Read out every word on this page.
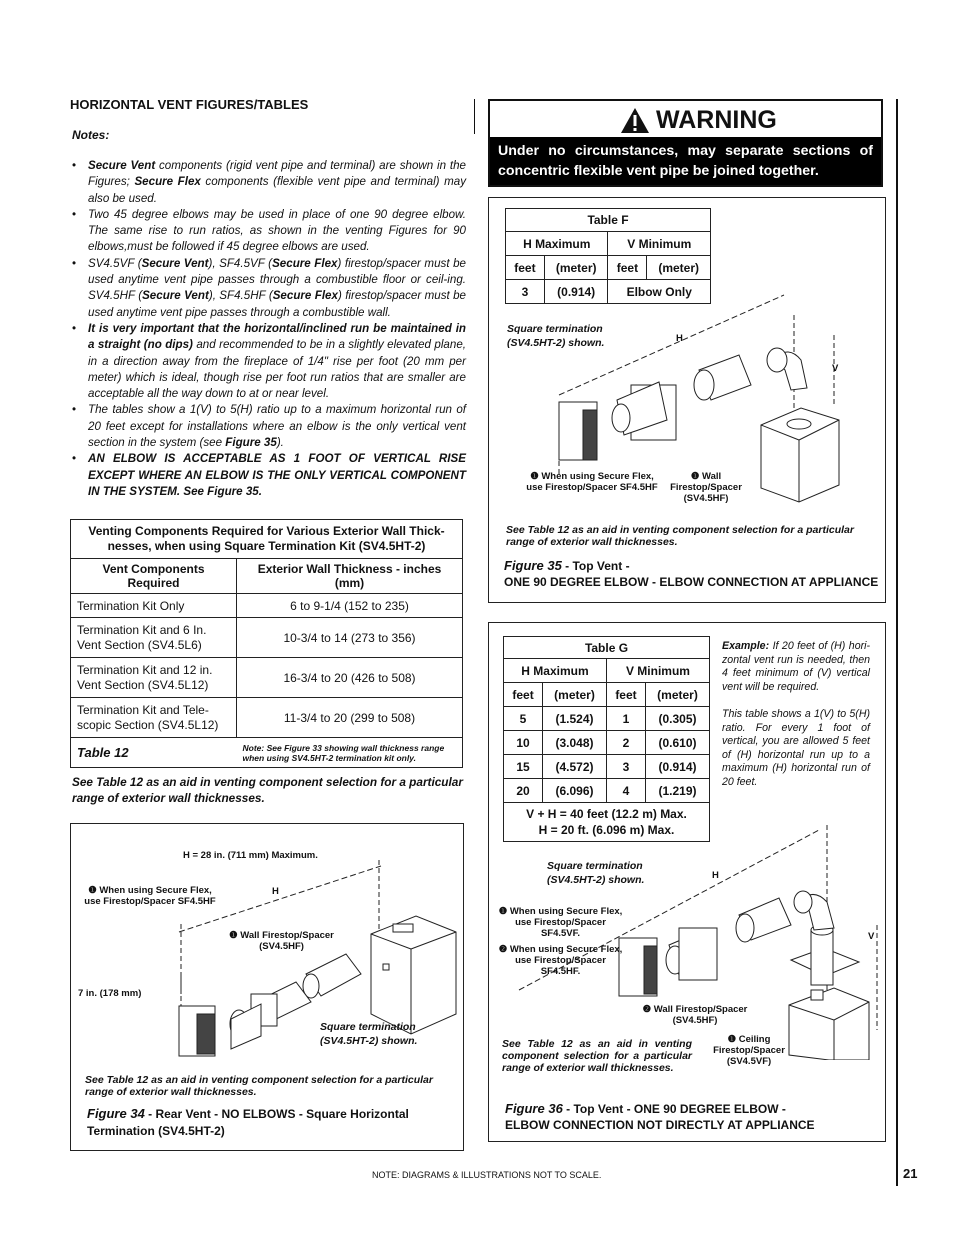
HORIZONTAL VENT FIGURES/TABLES
Notes:
• Secure Vent components (rigid vent pipe and terminal) are shown in the Figures; Secure Flex components (flexible vent pipe and terminal) may also be used.
• Two 45 degree elbows may be used in place of one 90 degree elbow. The same rise to run ratios, as shown in the venting Figures for 90 elbows,must be followed if 45 degree elbows are used.
• SV4.5VF (Secure Vent), SF4.5VF (Secure Flex) firestop/spacer must be used anytime vent pipe passes through a combustible floor or ceil-ing. SV4.5HF (Secure Vent), SF4.5HF (Secure Flex) firestop/spacer must be used anytime vent pipe passes through a combustible wall.
• It is very important that the horizontal/inclined run be maintained in a straight (no dips) and recommended to be in a slightly elevated plane, in a direction away from the fireplace of 1/4" rise per foot (20 mm per meter) which is ideal, though rise per foot run ratios that are smaller are acceptable all the way down to at or near level.
• The tables show a 1(V) to 5(H) ratio up to a maximum horizontal run of 20 feet except for installations where an elbow is the only vertical vent section in the system (see Figure 35).
• AN ELBOW IS ACCEPTABLE AS 1 FOOT OF VERTICAL RISE EXCEPT WHERE AN ELBOW IS THE ONLY VERTICAL COMPONENT IN THE SYSTEM. See Figure 35.
Venting Components Required for Various Exterior Wall Thick-nesses, when using Square Termination Kit (SV4.5HT-2)	
Vent Components Required	Exterior Wall Thickness - inches (mm)
Termination Kit Only	6 to 9-1/4 (152 to 235)
Termination Kit and 6 In. Vent Section (SV4.5L6)	10-3/4 to 14 (273 to 356)
Termination Kit and 12 in. Vent Section (SV4.5L12)	16-3/4 to 20 (426 to 508)
Termination Kit and Tele-scopic Section (SV4.5L12)	11-3/4 to 20 (299 to 508)
Table 12	Note: See Figure 33 showing wall thickness range when using SV4.5HT-2 termination kit only.
See Table 12 as an aid in venting component selection for a particular range of exterior wall thicknesses.
H = 28 in. (711 mm) Maximum.
H
❶ When using Secure Flex, use Firestop/Spacer SF4.5HF
❶ Wall Firestop/Spacer (SV4.5HF)
7 in. (178 mm)
Square termination (SV4.5HT-2) shown.
See Table 12 as an aid in venting component selection for a particular range of exterior wall thicknesses.
Figure 34 - Rear Vent - NO ELBOWS - Square Horizontal Termination (SV4.5HT-2)
WARNING
Under no circumstances, may separate sections of concentric flexible vent pipe be joined together.
Table F			
H Maximum		V Minimum	
feet	(meter)	feet	(meter)
3	(0.914)	Elbow Only	
Square termination (SV4.5HT-2) shown.	H
V
❶ When using Secure Flex, use Firestop/Spacer SF4.5HF
❶ Wall Firestop/Spacer (SV4.5HF)
See Table 12 as an aid in venting component selection for a particular range of exterior wall thicknesses.
Figure 35 - Top Vent -
ONE 90 DEGREE ELBOW - ELBOW CONNECTION AT APPLIANCE
Table G			
H Maximum		V Minimum	
feet	(meter)	feet	(meter)
5	(1.524)	1	(0.305)
10	(3.048)	2	(0.610)
15	(4.572)	3	(0.914)
20	(6.096)	4	(1.219)
V + H = 40 feet (12.2 m) Max.
H = 20 ft. (6.096 m) Max.			
Example: If 20 feet of (H) hori-zontal vent run is needed, then 4 feet minimum of (V) vertical vent will be required.

This table shows a 1(V) to 5(H) ratio. For every 1 foot of vertical, you are allowed 5 feet of (H) horizontal run up to a maximum (H) horizontal run of 20 feet.
Square termination (SV4.5HT-2) shown.	H
V
❶ When using Secure Flex, use Firestop/Spacer SF4.5VF.
❷ When using Secure Flex, use Firestop/Spacer SF4.5HF.
❷ Wall Firestop/Spacer (SV4.5HF)
❶ Ceiling Firestop/Spacer (SV4.5VF)
See Table 12 as an aid in venting component selection for a particular range of exterior wall thicknesses.
Figure 36 - Top Vent - ONE 90 DEGREE ELBOW -
ELBOW CONNECTION NOT DIRECTLY AT APPLIANCE
NOTE: DIAGRAMS & ILLUSTRATIONS NOT TO SCALE.	21
